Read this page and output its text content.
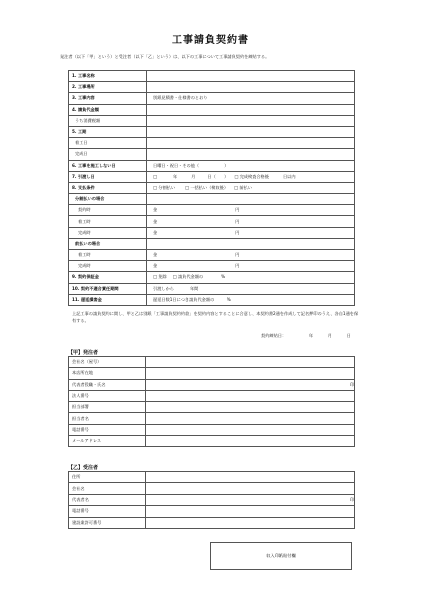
工事請負契約書
発注者（以下「甲」という）と受注者（以下「乙」という）は、以下の工事について工事請負契約を締結する。
1. 工事名称	
2. 工事場所	
3. 工事内容	別紙見積書・仕様書のとおり
4. 請負代金額	
うち消費税額	
5. 工期	
着工日	
完成日	
6. 工事を施工しない日	日曜日・祝日・その他（　　　　　　）
7. 引渡し日	□ 年 月 日（　　） □ 完成検査合格後 日以内
8. 支払条件	□ 分割払い □ 一括払い（検収後） □ 前払い
分割払いの場合	
契約時	金 円
着工時	金 円
完成時	金 円
前払いの場合	
着工時	金 円
完成時	金 円
9. 契約保証金	□ 免除 □ 請負代金額の %
10. 契約不適合責任期間	引渡しから 年間
11. 遅延損害金	遅延日数1日につき請負代金額の　　　%
上記工事の請負契約に関し、甲と乙は別紙「工事請負契約約款」を契約内容とすることに合意し、本契約書2通を作成して記名押印のうえ、各自1通を保有する。
契約締結日：	年	月	日
【甲】発注者
会社名（屋号）	
本店所在地	
代表者役職・氏名	印
法人番号	
担当部署	
担当者名	
電話番号	
メールアドレス	
【乙】受注者
住所	
会社名	
代表者名	印
電話番号	
建設業許可番号	
収入印紙貼付欄
